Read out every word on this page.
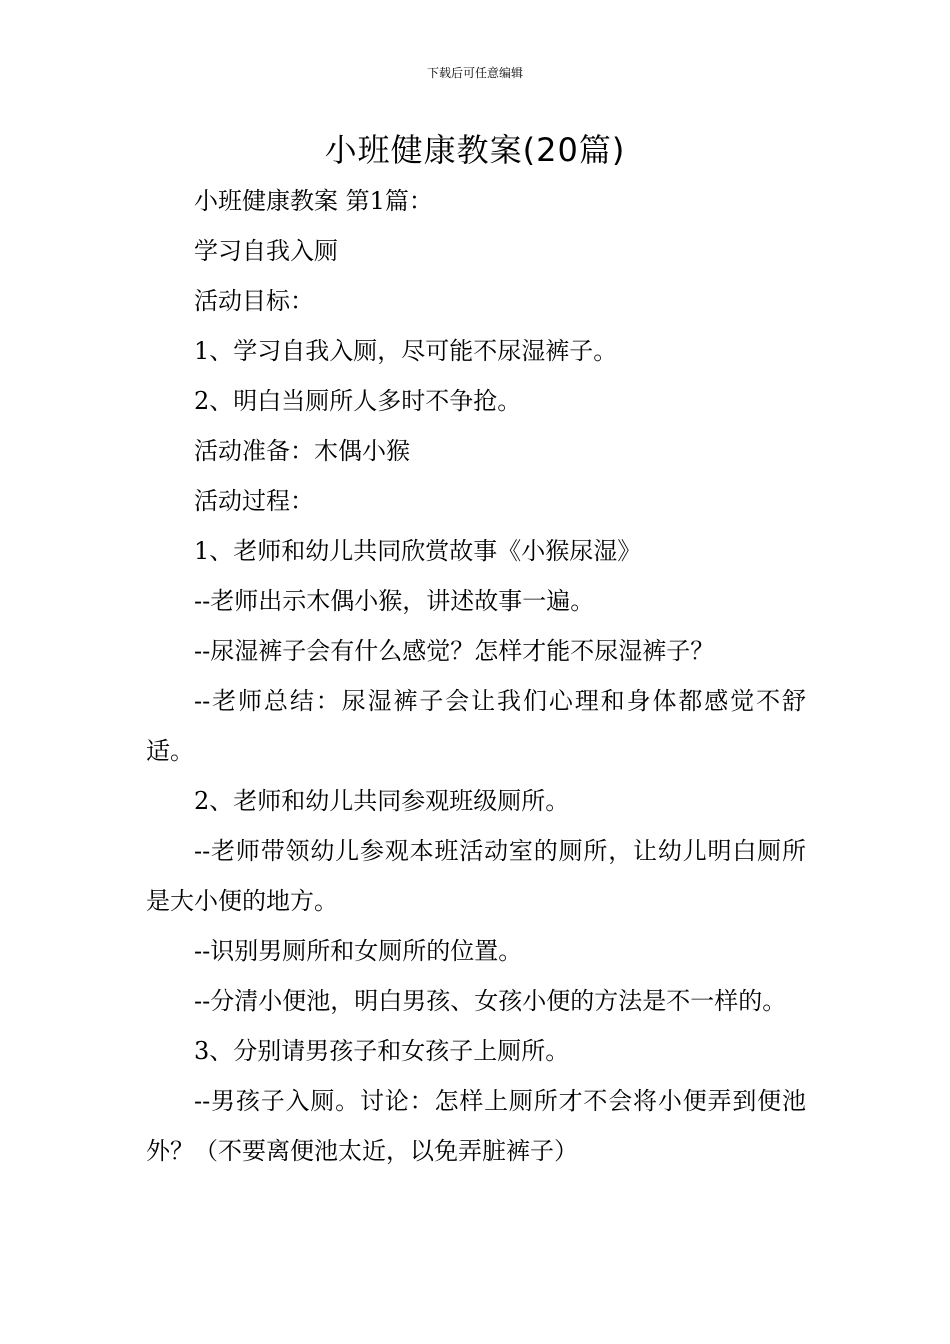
下载后可任意编辑
小班健康教案(20篇)

小班健康教案 第1篇：

学习自我入厕

活动目标：

1、学习自我入厕，尽可能不尿湿裤子。

2、明白当厕所人多时不争抢。

活动准备：木偶小猴

活动过程：

1、老师和幼儿共同欣赏故事《小猴尿湿》

--老师出示木偶小猴，讲述故事一遍。

--尿湿裤子会有什么感觉？怎样才能不尿湿裤子？

--老师总结：尿湿裤子会让我们心理和身体都感觉不舒适。

2、老师和幼儿共同参观班级厕所。

--老师带领幼儿参观本班活动室的厕所，让幼儿明白厕所是大小便的地方。

--识别男厕所和女厕所的位置。

--分清小便池，明白男孩、女孩小便的方法是不一样的。

3、分别请男孩子和女孩子上厕所。

--男孩子入厕。讨论：怎样上厕所才不会将小便弄到便池外？（不要离便池太近，以免弄脏裤子）
